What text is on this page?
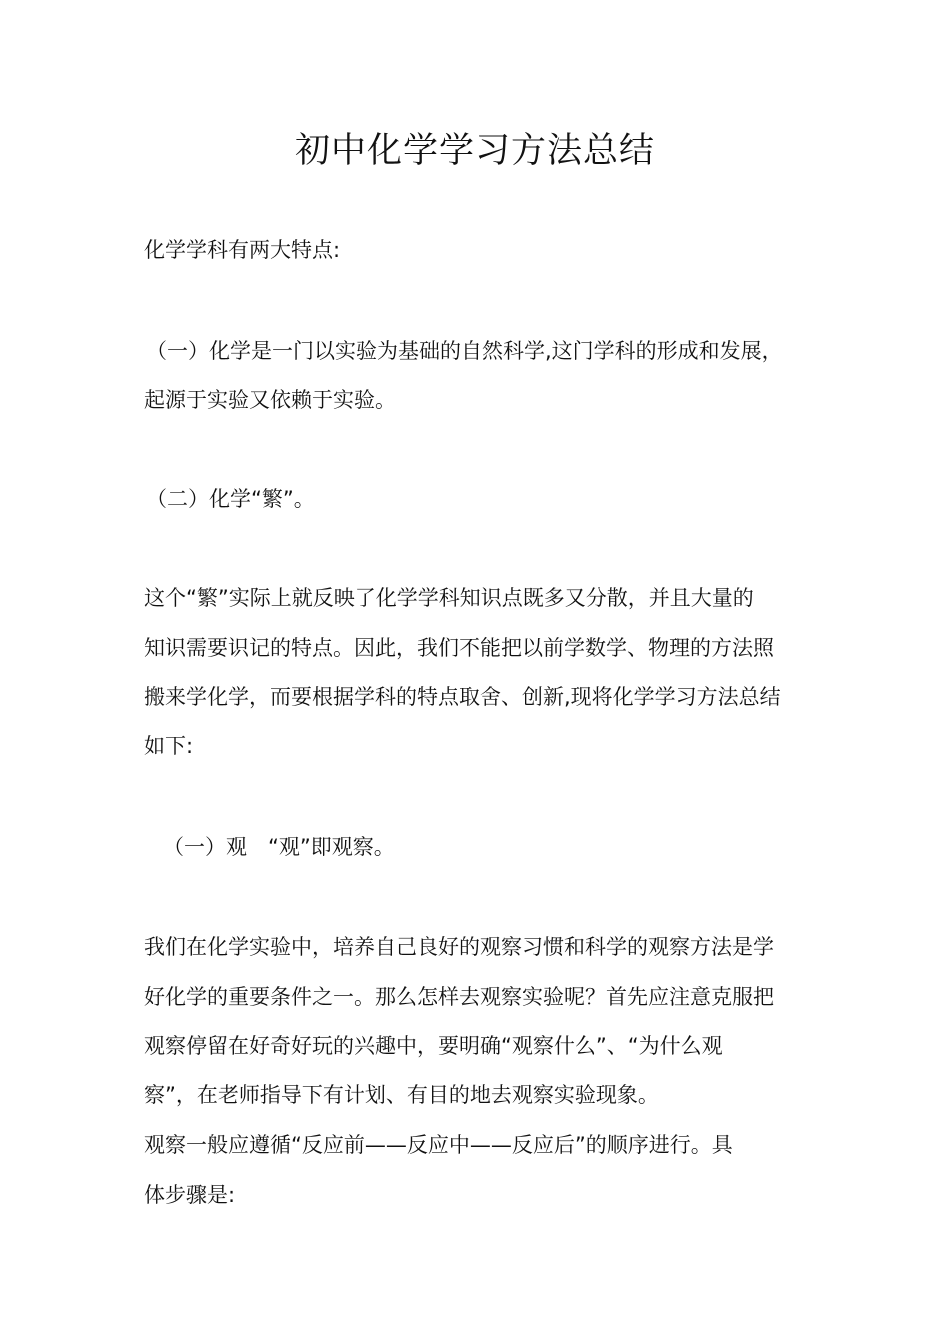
初中化学学习方法总结
化学学科有两大特点:
（一）化学是一门以实验为基础的自然科学,这门学科的形成和发展，
起源于实验又依赖于实验。
（二）化学“繁”。
这个“繁”实际上就反映了化学学科知识点既多又分散，并且大量的
知识需要识记的特点。因此，我们不能把以前学数学、物理的方法照
搬来学化学，而要根据学科的特点取舍、创新,现将化学学习方法总结
如下:
（一）观　“观”即观察。
我们在化学实验中，培养自己良好的观察习惯和科学的观察方法是学
好化学的重要条件之一。那么怎样去观察实验呢？首先应注意克服把
观察停留在好奇好玩的兴趣中，要明确“观察什么”、“为什么观
察”，在老师指导下有计划、有目的地去观察实验现象。
观察一般应遵循“反应前——反应中——反应后”的顺序进行。具
体步骤是:
